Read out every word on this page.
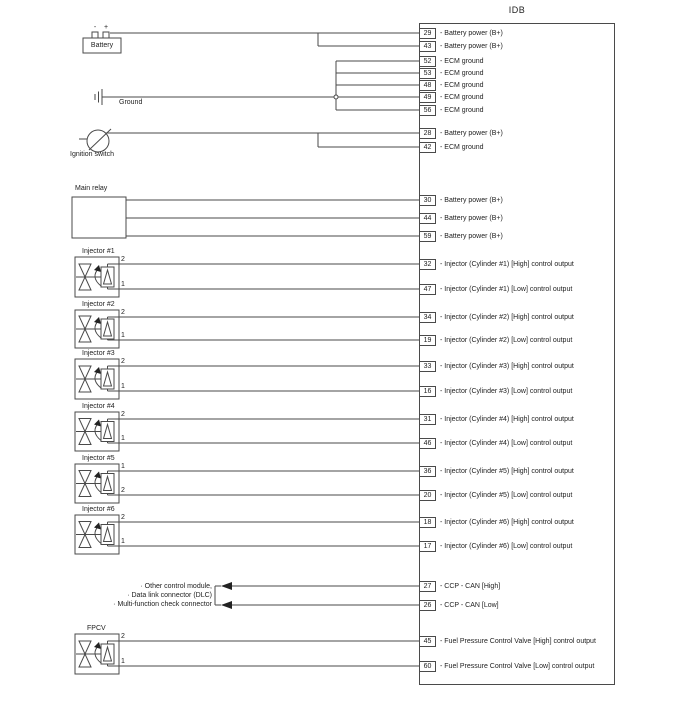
IDB
Battery
-	+
Ground
Ignition switch
Main relay
· Other control module,
· Data link connector (DLC)
· Multi-function check connector
29	- Battery power (B+)
43	- Battery power (B+)
52	- ECM ground
53	- ECM ground
48	- ECM ground
49	- ECM ground
56	- ECM ground
28	- Battery power (B+)
42	- ECM ground
30	- Battery power (B+)
44	- Battery power (B+)
59	- Battery power (B+)
32	- Injector (Cylinder #1) [High] control output
47	- Injector (Cylinder #1) [Low] control output
34	- Injector (Cylinder #2) [High] control output
19	- Injector (Cylinder #2) [Low] control output
33	- Injector (Cylinder #3) [High] control output
16	- Injector (Cylinder #3) [Low] control output
31	- Injector (Cylinder #4) [High] control output
46	- Injector (Cylinder #4) [Low] control output
36	- Injector (Cylinder #5) [High] control output
20	- Injector (Cylinder #5) [Low] control output
18	- Injector (Cylinder #6) [High] control output
17	- Injector (Cylinder #6) [Low] control output
27	- CCP - CAN [High]
26	- CCP - CAN [Low]
45	- Fuel Pressure Control Valve [High] control output
60	- Fuel Pressure Control Valve [Low] control output
Injector #1
2
1
Injector #2
2
1
Injector #3
2
1
Injector #4
2
1
Injector #5
1
2
Injector #6
2
1
FPCV
2
1
